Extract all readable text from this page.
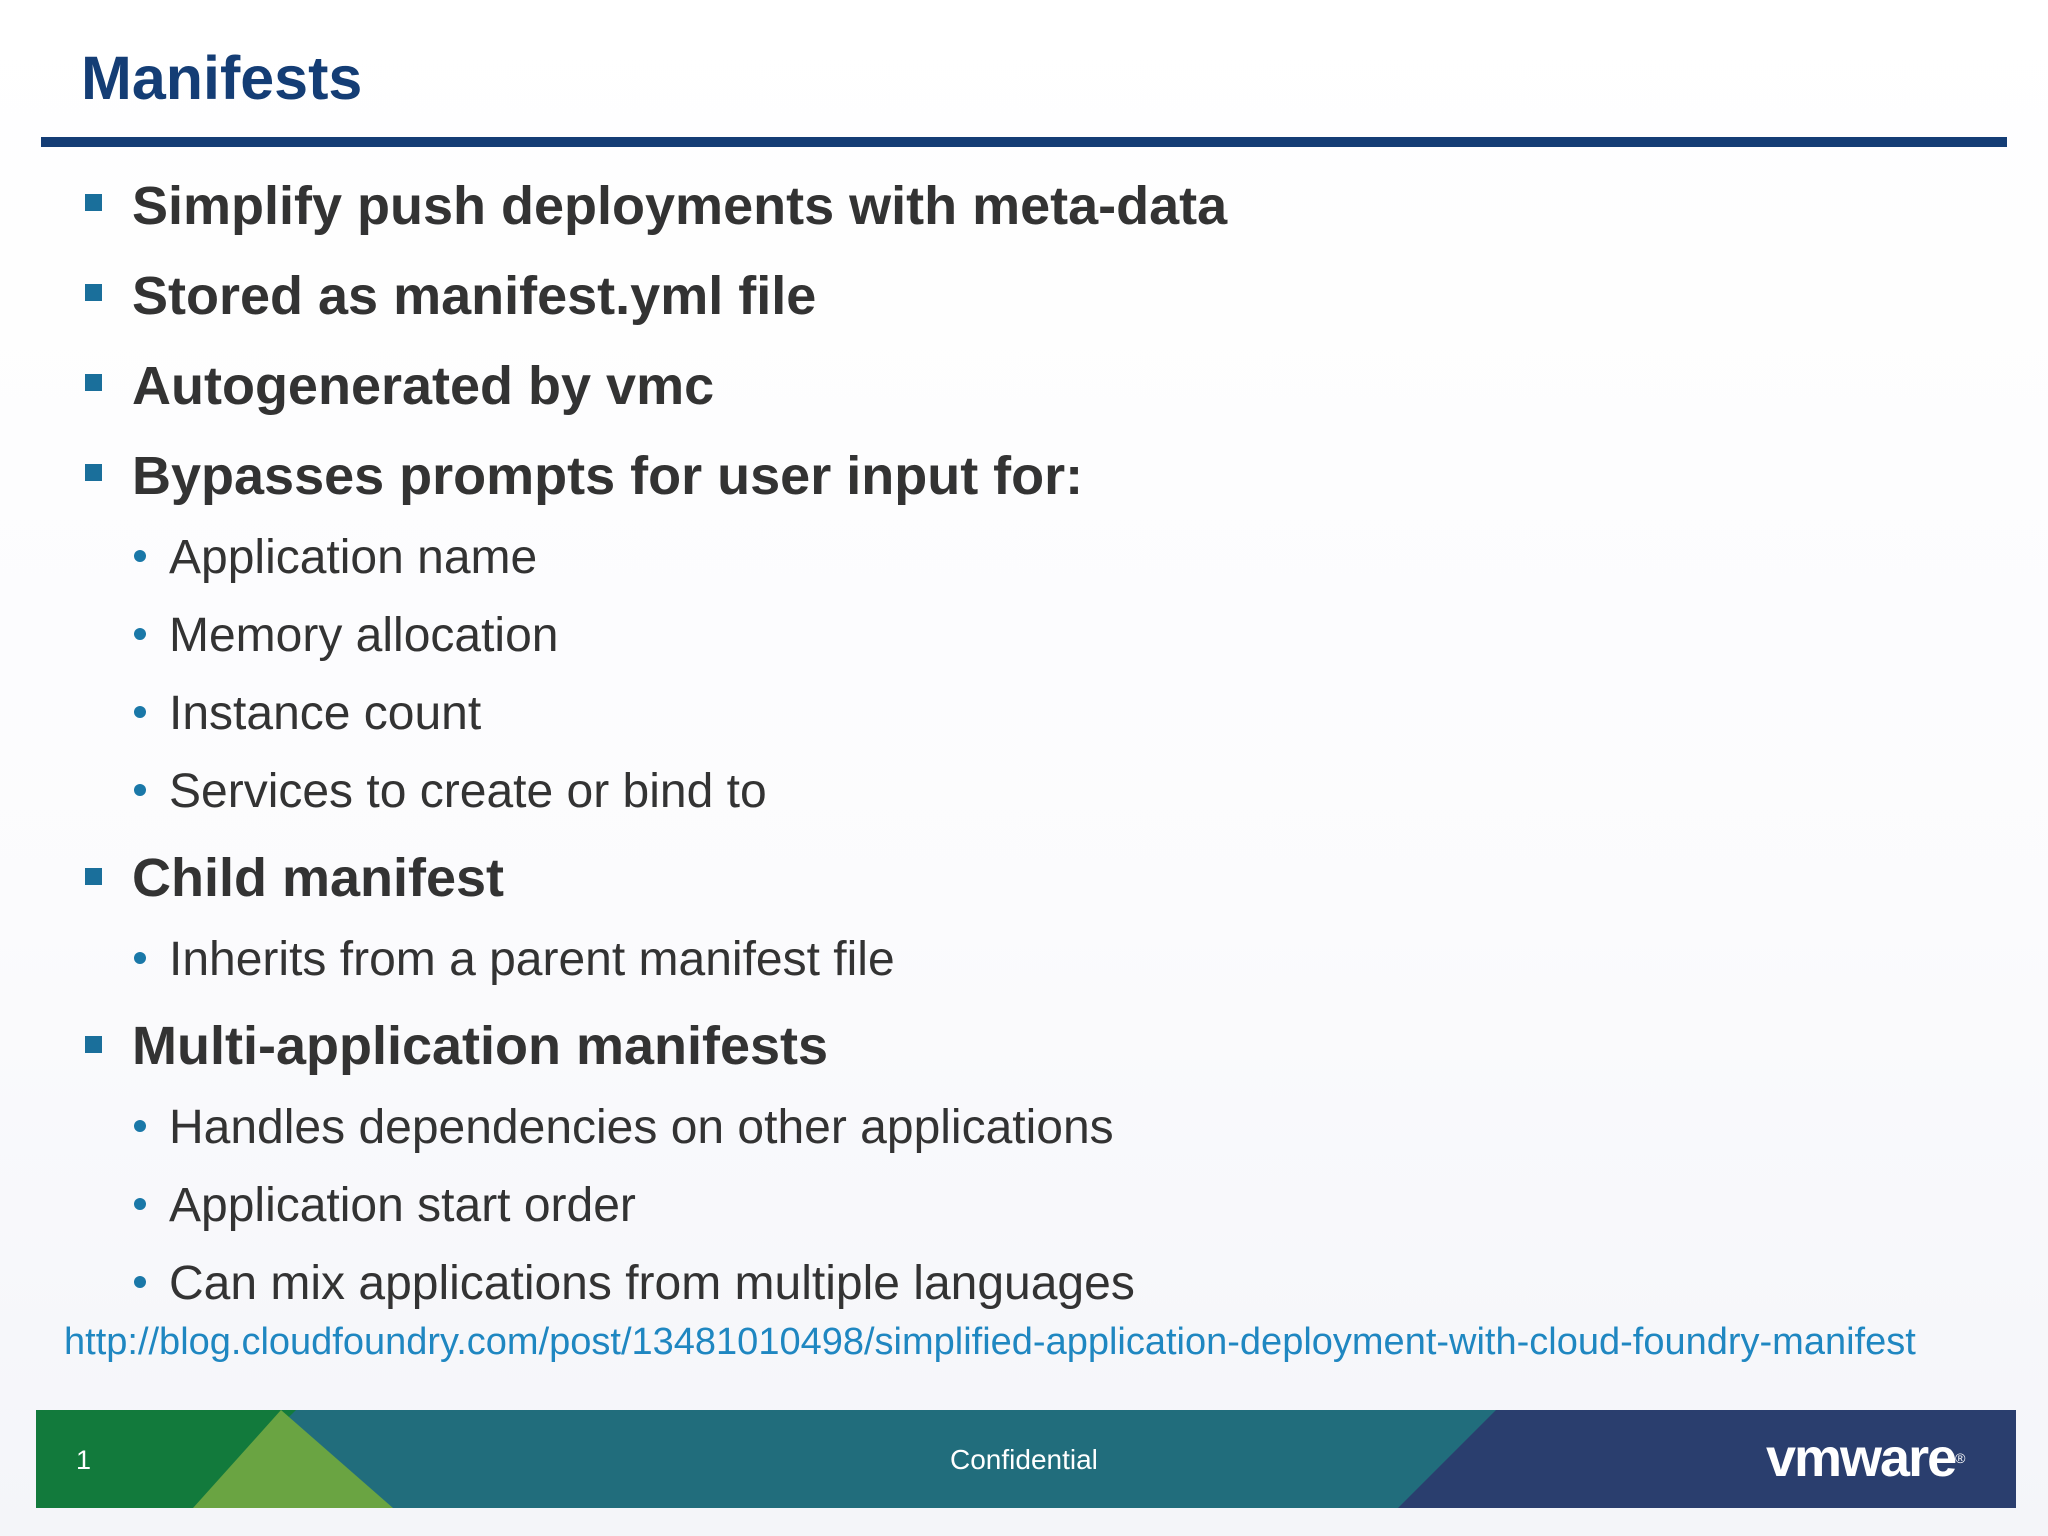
Manifests
Simplify push deployments with meta-data
Stored as manifest.yml file
Autogenerated by vmc
Bypasses prompts for user input for:
Application name
Memory allocation
Instance count
Services to create or bind to
Child manifest
Inherits from a parent manifest file
Multi-application manifests
Handles dependencies on other applications
Application start order
Can mix applications from multiple languages
http://blog.cloudfoundry.com/post/13481010498/simplified-application-deployment-with-cloud-foundry-manifest
1	Confidential	vmware®
